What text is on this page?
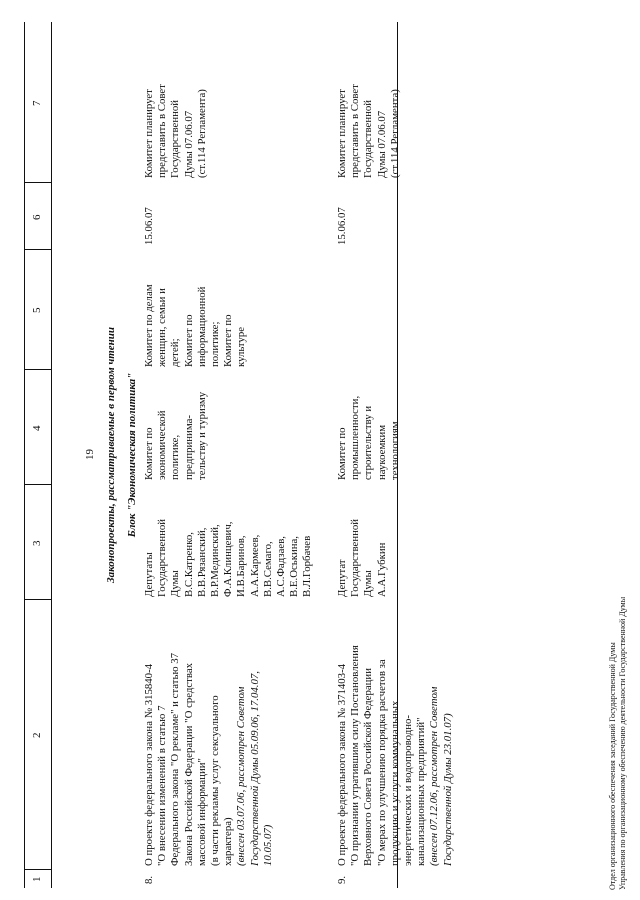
19
1
2
3
4
5
6
7
Законопроекты, рассматриваемые в первом чтении Блок "Экономическая политика"
8.
О проекте федерального закона № 315840-4 "О внесении изменений в статью 7 Федерального закона "О рекламе" и статью 37 Закона Российской Федерации "О средствах массовой информации" (в части рекламы услуг сексуального характера) (внесен 03.07.06, рассмотрен Советом Государственной Думы 05.09.06, 17.04.07, 10.05.07)
Депутаты Государственной Думы В.С.Катренко, В.В.Рязанский, В.Р.Мединский, Ф.А.Клинцевич, И.В.Баринов, А.А.Кармеев, В.В.Семаго, А.С.Фадзаев, В.Е.Оськина, В.Л.Горбачев
Комитет по экономической политике, предпринима- тельству и туризму
Комитет по делам женщин, семьи и детей; Комитет по информационной политике; Комитет по культуре
15.06.07
Комитет планирует представить в Совет Государственной Думы 07.06.07 (ст.114 Регламента)
9.
О проекте федерального закона № 371403-4 "О признании утратившим силу Постановления Верховного Совета Российской Федерации "О мерах по улучшению порядка расчетов за продукцию и услуги коммунальных энергетических и водопроводно- канализационных предприятий" (внесен 07.12.06, рассмотрен Советом Государственной Думы 23.01.07)
Депутат Государственной Думы А.А.Губкин
Комитет по промышленности, строительству и наукоемким технологиям
15.06.07
Комитет планирует представить в Совет Государственной Думы 07.06.07 (ст.114 Регламента)
Отдел организационного обеспечения заседаний Государственной Думы Управления по организационному обеспечению деятельности Государственной Думы
